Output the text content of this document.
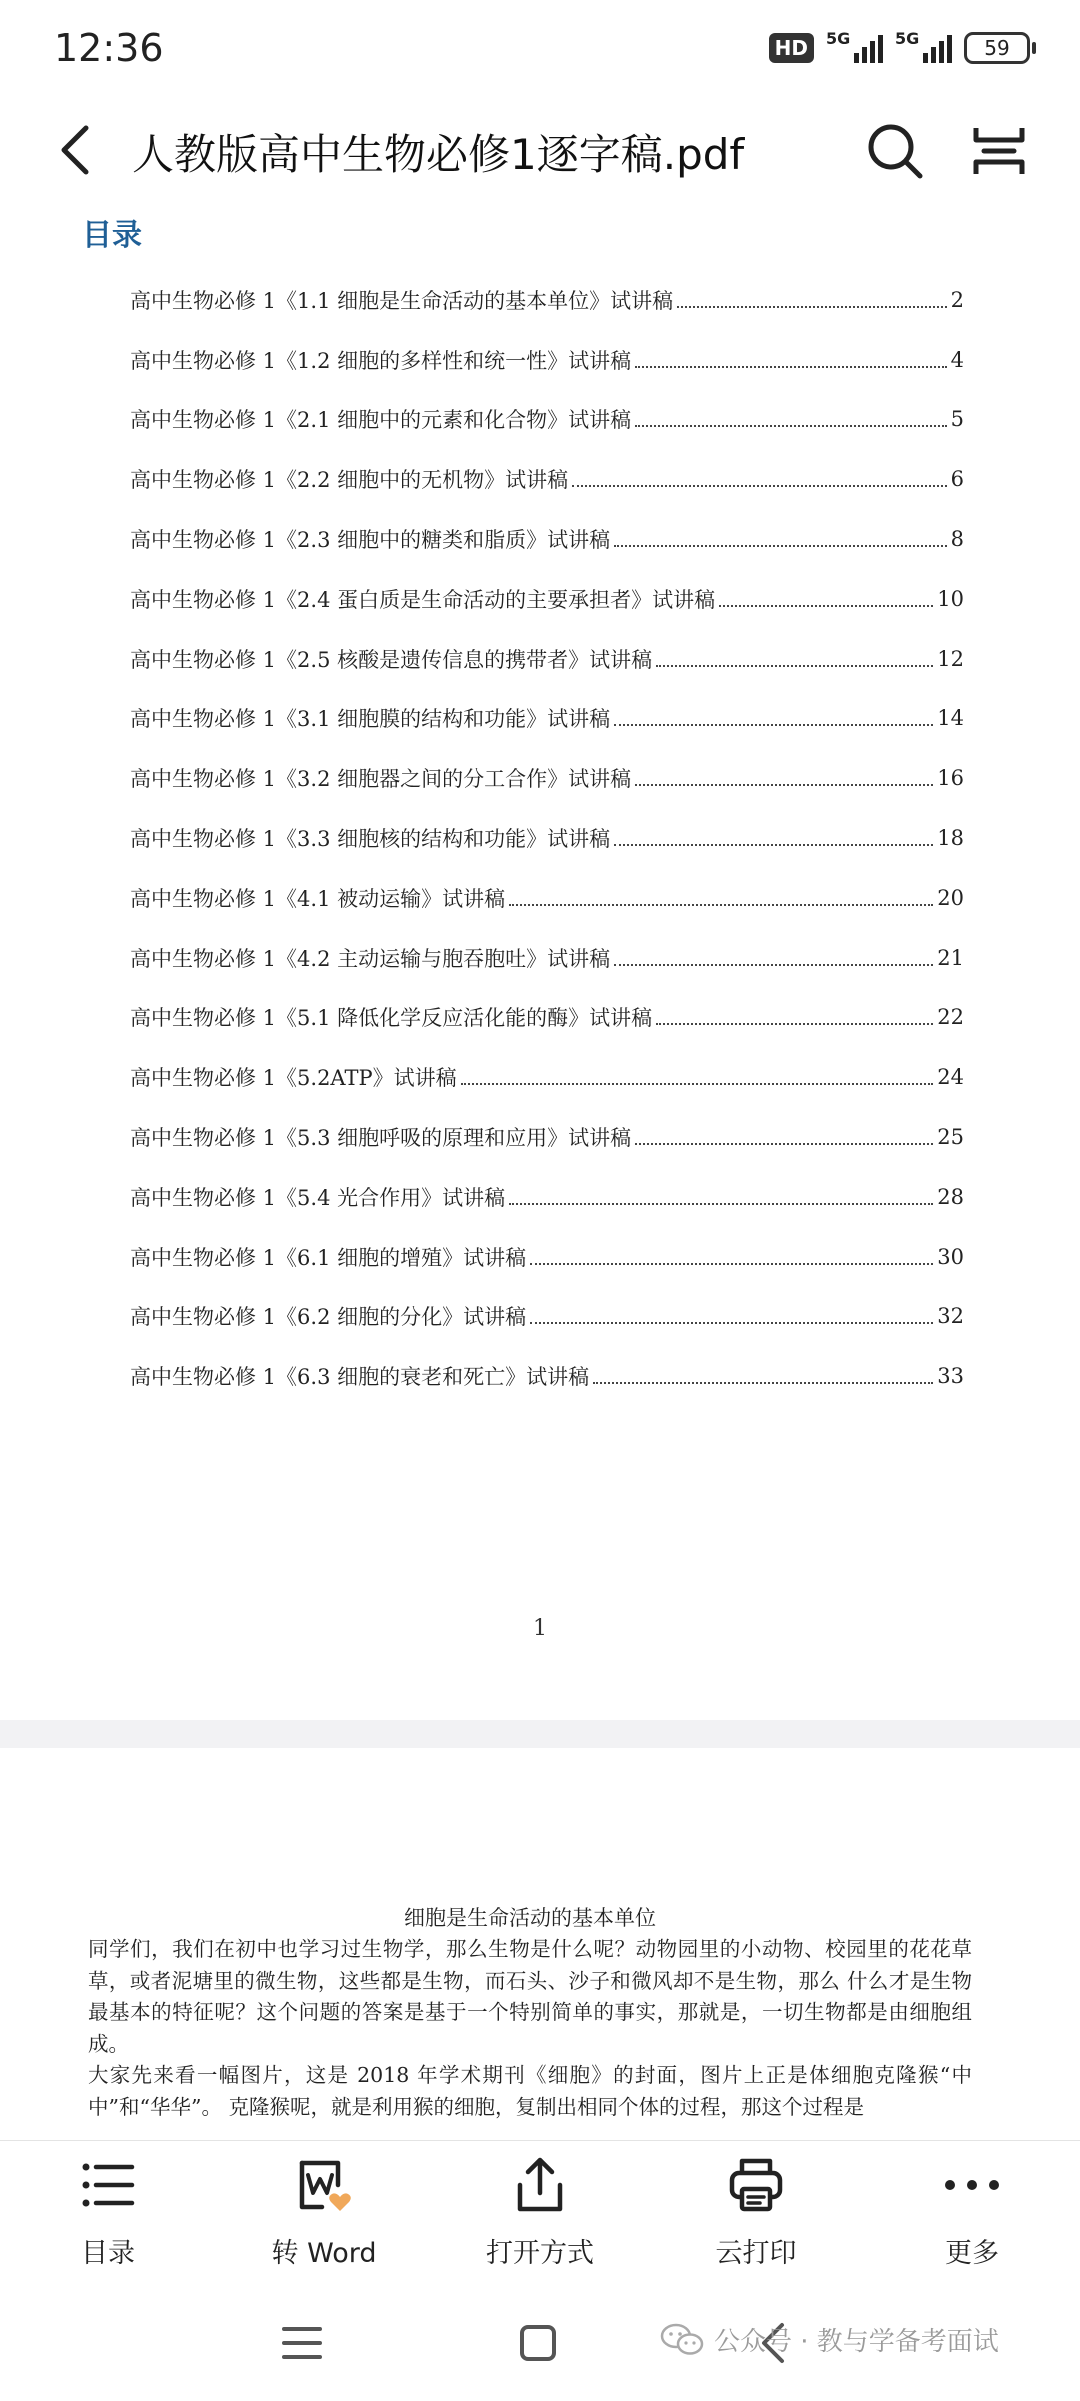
12:36	HD	5G	5G	59
人教版高中生物必修1逐字稿.pdf
目录
高中生物必修 1《1.1 细胞是生命活动的基本单位》试讲稿	2
高中生物必修 1《1.2 细胞的多样性和统一性》试讲稿	4
高中生物必修 1《2.1 细胞中的元素和化合物》试讲稿	5
高中生物必修 1《2.2 细胞中的无机物》试讲稿	6
高中生物必修 1《2.3 细胞中的糖类和脂质》试讲稿	8
高中生物必修 1《2.4 蛋白质是生命活动的主要承担者》试讲稿	10
高中生物必修 1《2.5 核酸是遗传信息的携带者》试讲稿	12
高中生物必修 1《3.1 细胞膜的结构和功能》试讲稿	14
高中生物必修 1《3.2 细胞器之间的分工合作》试讲稿	16
高中生物必修 1《3.3 细胞核的结构和功能》试讲稿	18
高中生物必修 1《4.1 被动运输》试讲稿	20
高中生物必修 1《4.2 主动运输与胞吞胞吐》试讲稿	21
高中生物必修 1《5.1 降低化学反应活化能的酶》试讲稿	22
高中生物必修 1《5.2ATP》试讲稿	24
高中生物必修 1《5.3 细胞呼吸的原理和应用》试讲稿	25
高中生物必修 1《5.4 光合作用》试讲稿	28
高中生物必修 1《6.1 细胞的增殖》试讲稿	30
高中生物必修 1《6.2 细胞的分化》试讲稿	32
高中生物必修 1《6.3 细胞的衰老和死亡》试讲稿	33
1
细胞是生命活动的基本单位

同学们，我们在初中也学习过生物学，那么生物是什么呢？动物园里的小动物、校园里的花花草草，或者泥塘里的微生物，这些都是生物，而石头、沙子和微风却不是生物，那么 什么才是生物最基本的特征呢？这个问题的答案是基于一个特别简单的事实，那就是，一切生物都是由细胞组成。

大家先来看一幅图片，这是 2018 年学术期刊《细胞》的封面，图片上正是体细胞克隆猴“中中”和“华华”。 克隆猴呢，就是利用猴的细胞，复制出相同个体的过程，那这个过程是

目录	转 Word	打开方式	云打印	更多
公众号 · 教与学备考面试
